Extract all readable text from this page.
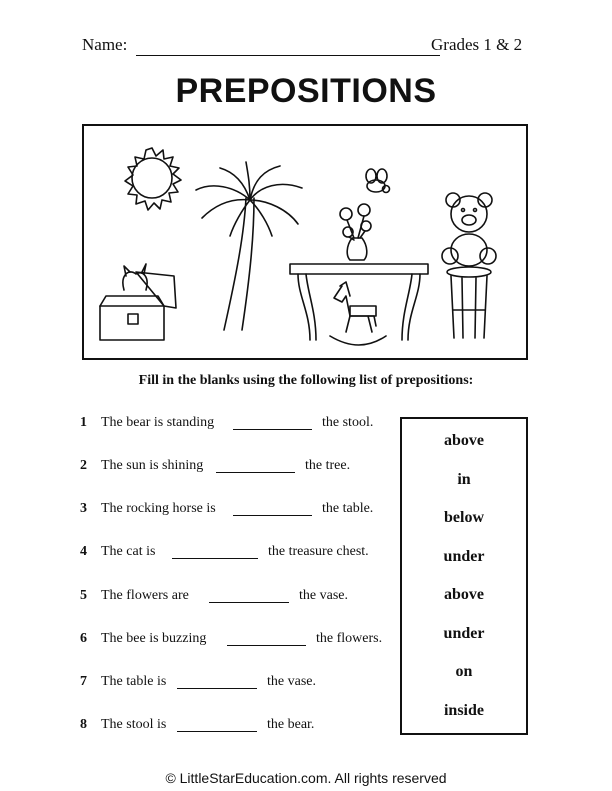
Name:	Grades 1 & 2
PREPOSITIONS
Fill in the blanks using the following list of prepositions:
1 The bear is standing	the stool.
2 The sun is shining	the tree.
3 The rocking horse is	the table.
4 The cat is	the treasure chest.
5 The flowers are	the vase.
6 The bee is buzzing	the flowers.
7 The table is	the vase.
8 The stool is	the bear.
above
in
below
under
above
under
on
inside
© LittleStarEducation.com. All rights reserved
